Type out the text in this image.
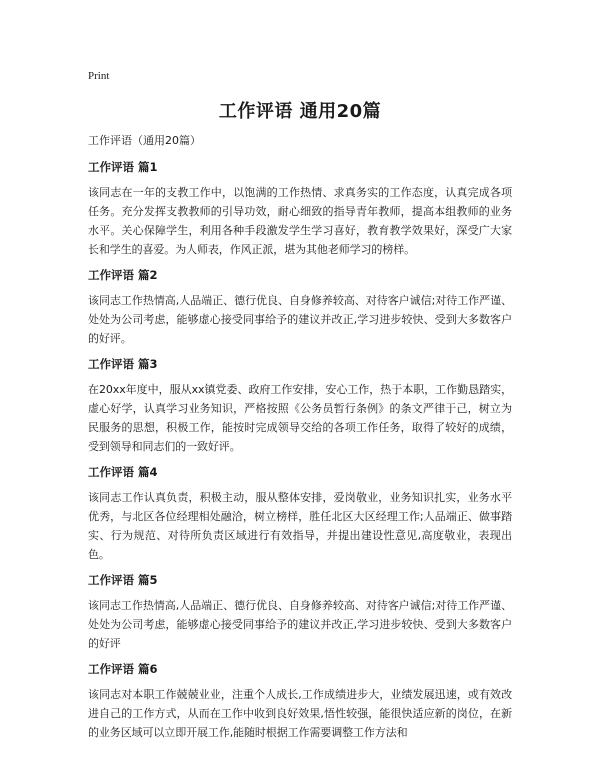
Print
工作评语 通用20篇

工作评语（通用20篇）

工作评语 篇1

该同志在一年的支教工作中，以饱满的工作热情、求真务实的工作态度，认真完成各项任务。充分发挥支教教师的引导功效，耐心细致的指导青年教师，提高本组教师的业务水平。关心保障学生，利用各种手段激发学生学习喜好，教育教学效果好，深受广大家长和学生的喜爱。为人师表，作风正派，堪为其他老师学习的榜样。

工作评语 篇2

该同志工作热情高,人品端正、德行优良、自身修养较高、对待客户诚信;对待工作严谨、处处为公司考虑，能够虚心接受同事给予的建议并改正,学习进步较快、受到大多数客户的好评。

工作评语 篇3

在20xx年度中，服从xx镇党委、政府工作安排，安心工作，热于本职，工作勤恳踏实，虚心好学，认真学习业务知识，严格按照《公务员暂行条例》的条文严律于己，树立为民服务的思想，积极工作，能按时完成领导交给的各项工作任务，取得了较好的成绩，受到领导和同志们的一致好评。

工作评语 篇4

该同志工作认真负责，积极主动，服从整体安排，爱岗敬业，业务知识扎实，业务水平优秀，与北区各位经理相处融洽，树立榜样，胜任北区大区经理工作;人品端正、做事踏实、行为规范、对待所负责区域进行有效指导，并提出建设性意见,高度敬业，表现出色。

工作评语 篇5

该同志工作热情高,人品端正、德行优良、自身修养较高、对待客户诚信;对待工作严谨、处处为公司考虑，能够虚心接受同事给予的建议并改正,学习进步较快、受到大多数客户的好评

工作评语 篇6

该同志对本职工作兢兢业业，注重个人成长,工作成绩进步大，业绩发展迅速，或有效改进自己的工作方式，从而在工作中收到良好效果,悟性较强，能很快适应新的岗位，在新的业务区域可以立即开展工作,能随时根据工作需要调整工作方法和
